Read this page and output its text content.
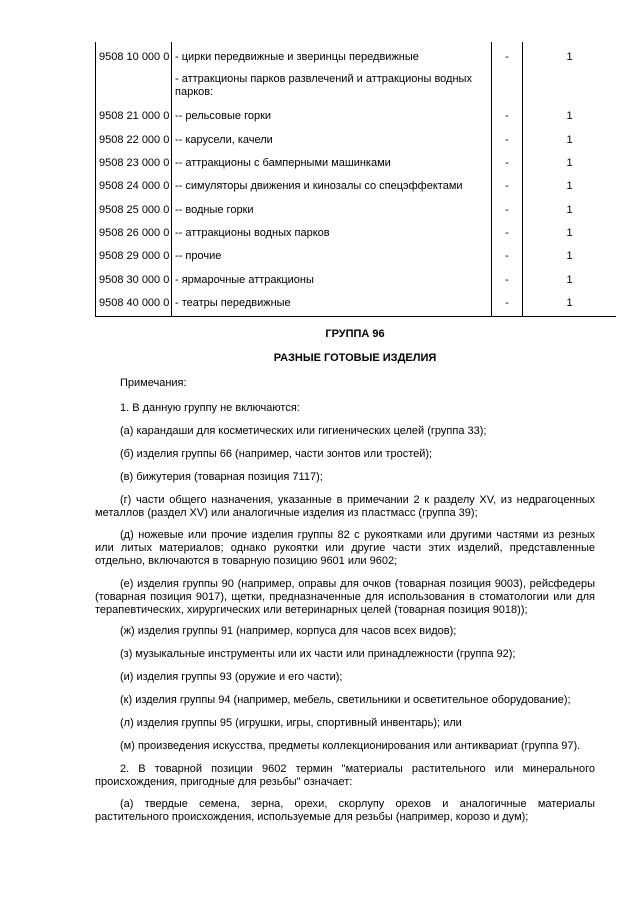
9508 10 000 0 - цирки передвижные и зверинцы передвижные	-	1
- аттракционы парков развлечений и аттракционы водных парков:
9508 21 000 0 -- рельсовые горки	-	1
9508 22 000 0 -- карусели, качели	-	1
9508 23 000 0 -- аттракционы с бамперными машинками	-	1
9508 24 000 0 -- симуляторы движения и кинозалы со спецэффектами	-	1
9508 25 000 0 -- водные горки	-	1
9508 26 000 0 -- аттракционы водных парков	-	1
9508 29 000 0 -- прочие	-	1
9508 30 000 0 - ярмарочные аттракционы	-	1
9508 40 000 0 - театры передвижные	-	1
ГРУППА 96
РАЗНЫЕ ГОТОВЫЕ ИЗДЕЛИЯ
Примечания:
1. В данную группу не включаются:
(а) карандаши для косметических или гигиенических целей (группа 33);
(б) изделия группы 66 (например, части зонтов или тростей);
(в) бижутерия (товарная позиция 7117);
(г) части общего назначения, указанные в примечании 2 к разделу XV, из недрагоценных металлов (раздел XV) или аналогичные изделия из пластмасс (группа 39);
(д) ножевые или прочие изделия группы 82 с рукоятками или другими частями из резных или литых материалов; однако рукоятки или другие части этих изделий, представленные отдельно, включаются в товарную позицию 9601 или 9602;
(е) изделия группы 90 (например, оправы для очков (товарная позиция 9003), рейсфедеры (товарная позиция 9017), щетки, предназначенные для использования в стоматологии или для терапевтических, хирургических или ветеринарных целей (товарная позиция 9018));
(ж) изделия группы 91 (например, корпуса для часов всех видов);
(з) музыкальные инструменты или их части или принадлежности (группа 92);
(и) изделия группы 93 (оружие и его части);
(к) изделия группы 94 (например, мебель, светильники и осветительное оборудование);
(л) изделия группы 95 (игрушки, игры, спортивный инвентарь); или
(м) произведения искусства, предметы коллекционирования или антиквариат (группа 97).
2. В товарной позиции 9602 термин "материалы растительного или минерального происхождения, пригодные для резьбы" означает:
(а) твердые семена, зерна, орехи, скорлупу орехов и аналогичные материалы растительного происхождения, используемые для резьбы (например, корозо и дум);
